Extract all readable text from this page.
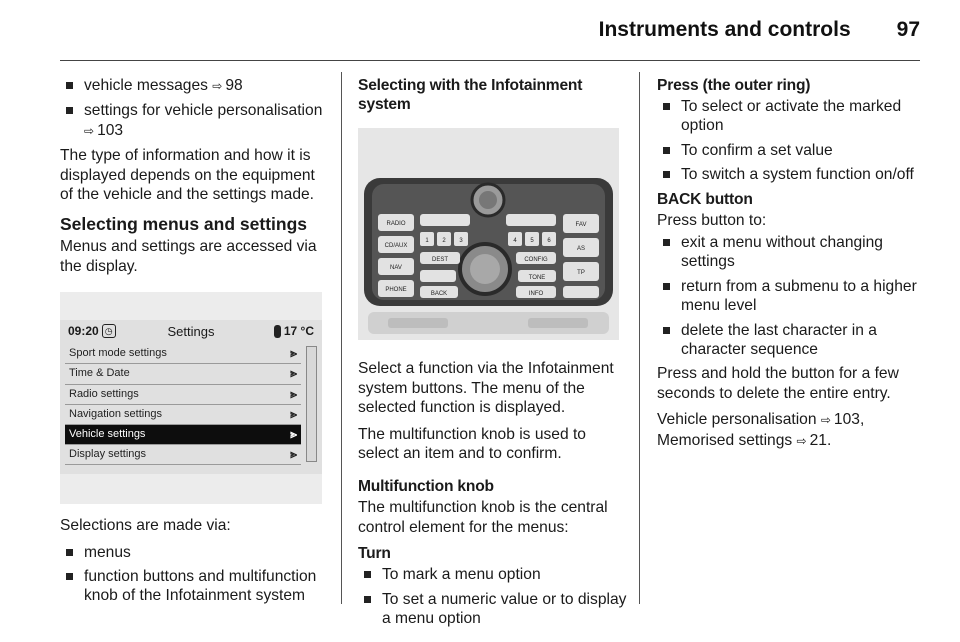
Instruments and controls 97
vehicle messages ⇨ 98
settings for vehicle personalisation
⇨ 103

The type of information and how it is displayed depends on the equipment of the vehicle and the settings made.

Selecting menus and settings

Menus and settings are accessed via the display.

09:20 ◷	Settings	17 °C
Sport mode settings	⪢
Time & Date	⪢
Radio settings	⪢
Navigation settings	⪢
Vehicle settings	⪢
Display settings	⪢

Selections are made via:

menus
function buttons and multifunction knob of the Infotainment system
Selecting with the Infotainment system
RADIO
CD/AUX
NAV
PHONE
FAV
AS
TP
1 2 3	4 5 6
DEST	CONFIG
INFO
TONE
BACK

Select a function via the Infotainment system buttons. The menu of the selected function is displayed.

The multifunction knob is used to select an item and to confirm.

Multifunction knob

The multifunction knob is the central control element for the menus:

Turn
To mark a menu option
To set a numeric value or to display a menu option
Press (the outer ring)
To select or activate the marked option
To confirm a set value
To switch a system function on/off
BACK button

Press button to:

exit a menu without changing settings
return from a submenu to a higher menu level
delete the last character in a character sequence

Press and hold the button for a few seconds to delete the entire entry.

Vehicle personalisation ⇨ 103,
Memorised settings ⇨ 21.
